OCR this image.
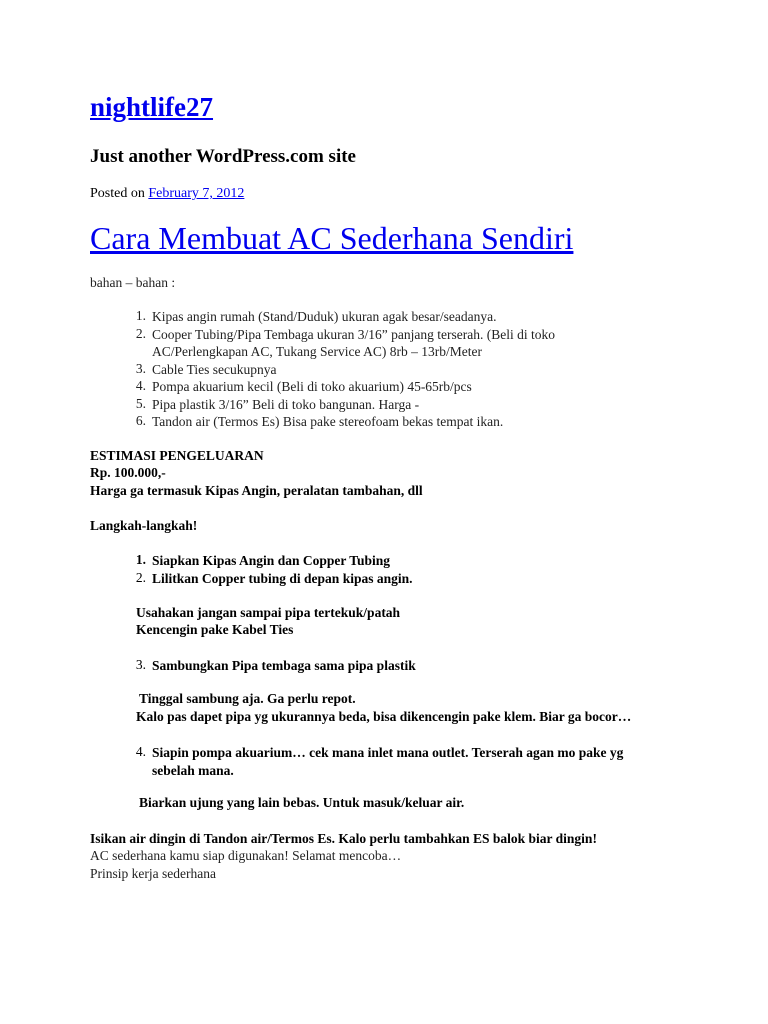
nightlife27
Just another WordPress.com site
Posted on February 7, 2012
Cara Membuat AC Sederhana Sendiri
bahan – bahan :
1. Kipas angin rumah (Stand/Duduk) ukuran agak besar/seadanya.
2. Cooper Tubing/Pipa Tembaga ukuran 3/16” panjang terserah. (Beli di toko
AC/Perlengkapan AC, Tukang Service AC) 8rb – 13rb/Meter
3. Cable Ties secukupnya
4. Pompa akuarium kecil (Beli di toko akuarium) 45-65rb/pcs
5. Pipa plastik 3/16” Beli di toko bangunan. Harga -
6. Tandon air (Termos Es) Bisa pake stereofoam bekas tempat ikan.
ESTIMASI PENGELUARAN
Rp. 100.000,-
Harga ga termasuk Kipas Angin, peralatan tambahan, dll
Langkah-langkah!
1. Siapkan Kipas Angin dan Copper Tubing
2. Lilitkan Copper tubing di depan kipas angin.
Usahakan jangan sampai pipa tertekuk/patah
Kencengin pake Kabel Ties
3. Sambungkan Pipa tembaga sama pipa plastik
Tinggal sambung aja. Ga perlu repot.
Kalo pas dapet pipa yg ukurannya beda, bisa dikencengin pake klem. Biar ga bocor…
4. Siapin pompa akuarium… cek mana inlet mana outlet. Terserah agan mo pake yg
sebelah mana.
Biarkan ujung yang lain bebas. Untuk masuk/keluar air.
Isikan air dingin di Tandon air/Termos Es. Kalo perlu tambahkan ES balok biar dingin!
AC sederhana kamu siap digunakan! Selamat mencoba…
Prinsip kerja sederhana
